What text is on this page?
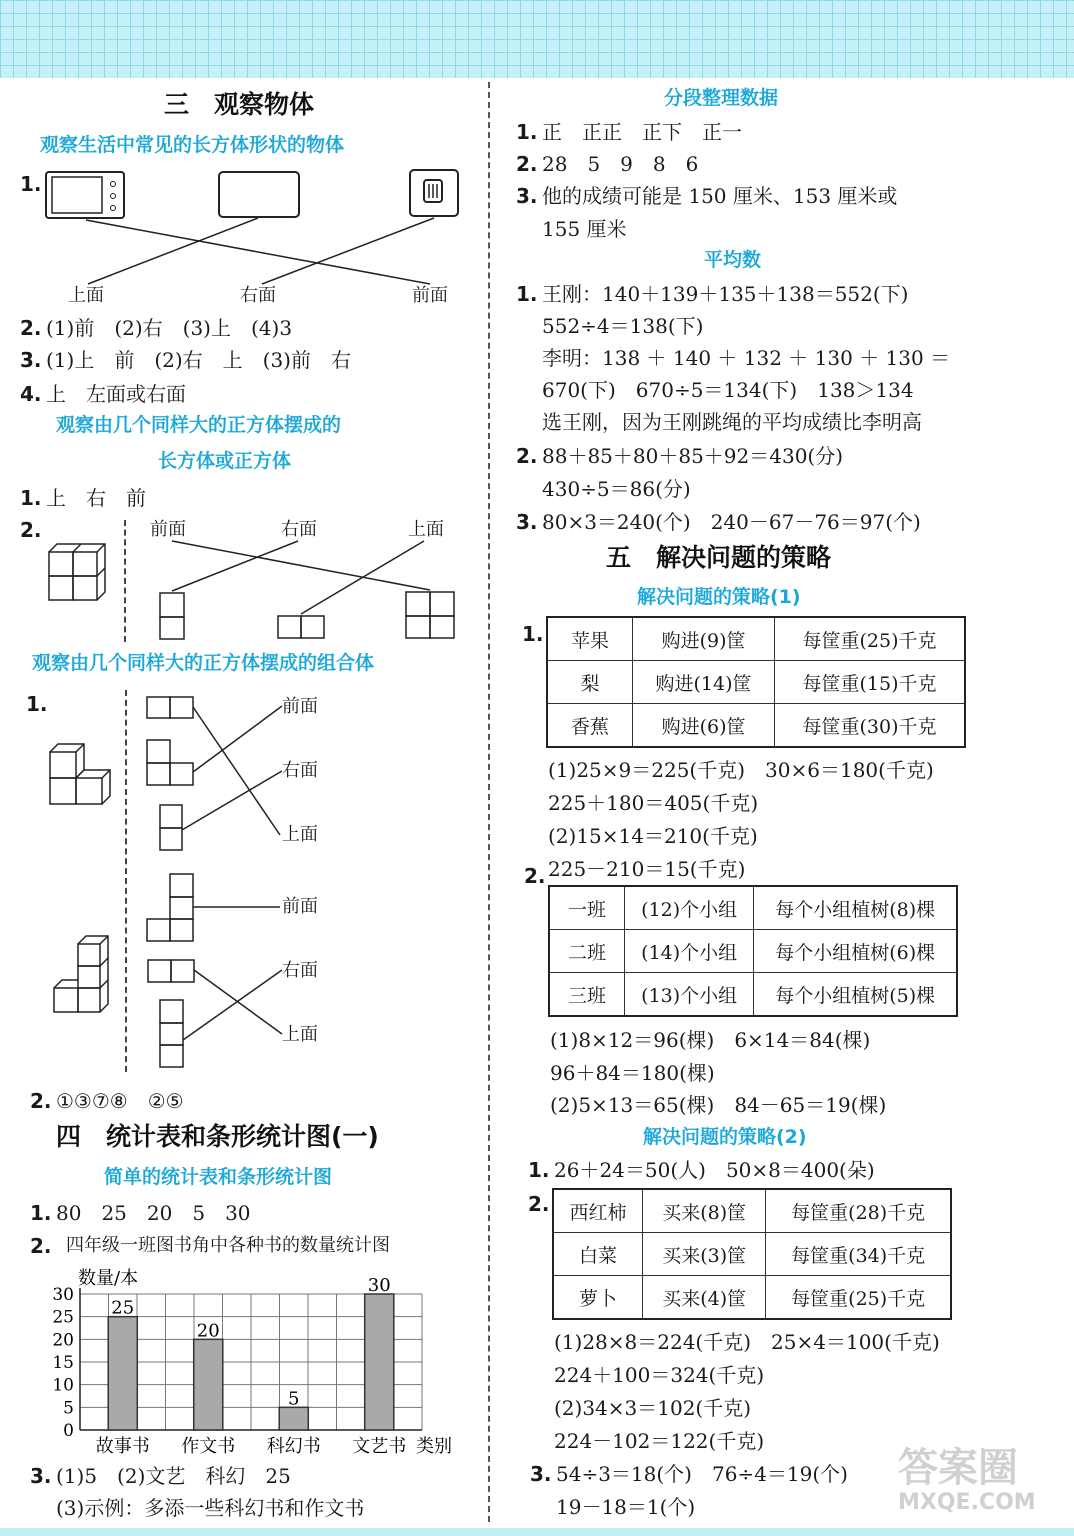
三　观察物体
观察生活中常见的长方体形状的物体
1.
上面	右面	前面
2. (1)前　(2)右　(3)上　(4)3
3. (1)上　前　(2)右　上　(3)前　右
4. 上　左面或右面
观察由几个同样大的正方体摆成的
长方体或正方体
1. 上　右　前
2.	前面	右面	上面
观察由几个同样大的正方体摆成的组合体
1.	前面
右面
上面
前面
右面
上面
2. ①③⑦⑧　②⑤
四　统计表和条形统计图(一)
简单的统计表和条形统计图
1. 80　25　20　5　30
2. 四年级一班图书角中各种书的数量统计图
0
5
10
15
20
25
30
数量/本
25
故事书
20
作文书
5
科幻书
30
文艺书 类别
3. (1)5　(2)文艺　科幻　25
(3)示例：多添一些科幻书和作文书
分段整理数据
1. 正　正正　正下　正一
2. 28　5　9　8　6
3. 他的成绩可能是 150 厘米、153 厘米或
155 厘米
平均数
1. 王刚：140＋139＋135＋138＝552(下)
552÷4＝138(下)
李明：138 ＋ 140 ＋ 132 ＋ 130 ＋ 130 ＝
670(下)　670÷5＝134(下)　138＞134
选王刚，因为王刚跳绳的平均成绩比李明高
2. 88＋85＋80＋85＋92＝430(分)
430÷5＝86(分)
3. 80×3＝240(个)　240－67－76＝97(个)
五　解决问题的策略
解决问题的策略(1)
1. 苹果	购进(9)筐	每筐重(25)千克
梨	购进(14)筐	每筐重(15)千克
香蕉	购进(6)筐	每筐重(30)千克
(1)25×9＝225(千克)　30×6＝180(千克)
225＋180＝405(千克)
(2)15×14＝210(千克)
225－210＝15(千克)
2.
一班	(12)个小组	每个小组植树(8)棵
二班	(14)个小组	每个小组植树(6)棵
三班	(13)个小组	每个小组植树(5)棵
(1)8×12＝96(棵)　6×14＝84(棵)
96＋84＝180(棵)
(2)5×13＝65(棵)　84－65＝19(棵)
解决问题的策略(2)
1. 26＋24＝50(人)　50×8＝400(朵)
2. 西红柿	买来(8)筐	每筐重(28)千克
白菜	买来(3)筐	每筐重(34)千克
萝卜	买来(4)筐	每筐重(25)千克
(1)28×8＝224(千克)　25×4＝100(千克)
224＋100＝324(千克)
(2)34×3＝102(千克)
224－102＝122(千克)
3. 54÷3＝18(个)　76÷4＝19(个)
19－18＝1(个)
答案圈
MXQE.COM
